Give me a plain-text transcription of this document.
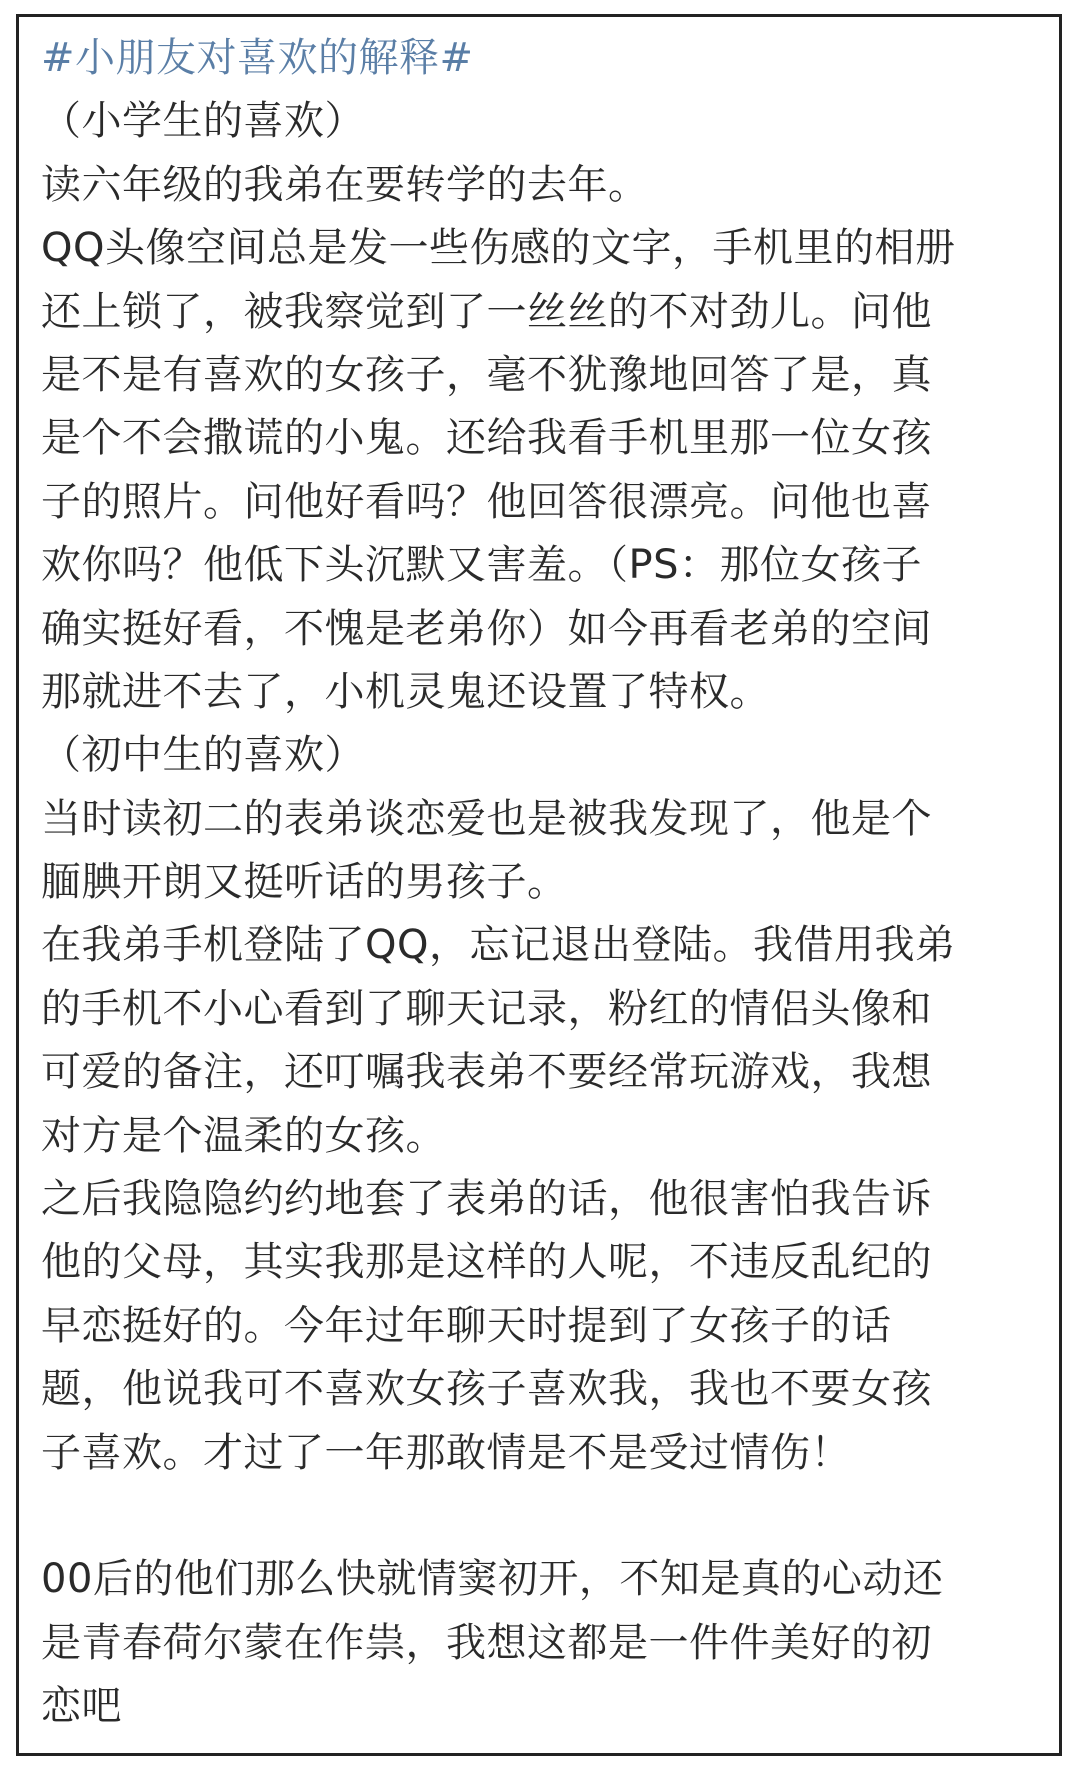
#小朋友对喜欢的解释#
（小学生的喜欢）
读六年级的我弟在要转学的去年。
QQ头像空间总是发一些伤感的文字，手机里的相册
还上锁了，被我察觉到了一丝丝的不对劲儿。问他
是不是有喜欢的女孩子，毫不犹豫地回答了是，真
是个不会撒谎的小鬼。还给我看手机里那一位女孩
子的照片。问他好看吗？他回答很漂亮。问他也喜
欢你吗？他低下头沉默又害羞。（PS：那位女孩子
确实挺好看，不愧是老弟你）如今再看老弟的空间
那就进不去了，小机灵鬼还设置了特权。
（初中生的喜欢）
当时读初二的表弟谈恋爱也是被我发现了，他是个
腼腆开朗又挺听话的男孩子。
在我弟手机登陆了QQ，忘记退出登陆。我借用我弟
的手机不小心看到了聊天记录，粉红的情侣头像和
可爱的备注，还叮嘱我表弟不要经常玩游戏，我想
对方是个温柔的女孩。
之后我隐隐约约地套了表弟的话，他很害怕我告诉
他的父母，其实我那是这样的人呢，不违反乱纪的
早恋挺好的。今年过年聊天时提到了女孩子的话
题，他说我可不喜欢女孩子喜欢我，我也不要女孩
子喜欢。才过了一年那敢情是不是受过情伤！
00后的他们那么快就情窦初开，不知是真的心动还
是青春荷尔蒙在作祟，我想这都是一件件美好的初
恋吧
